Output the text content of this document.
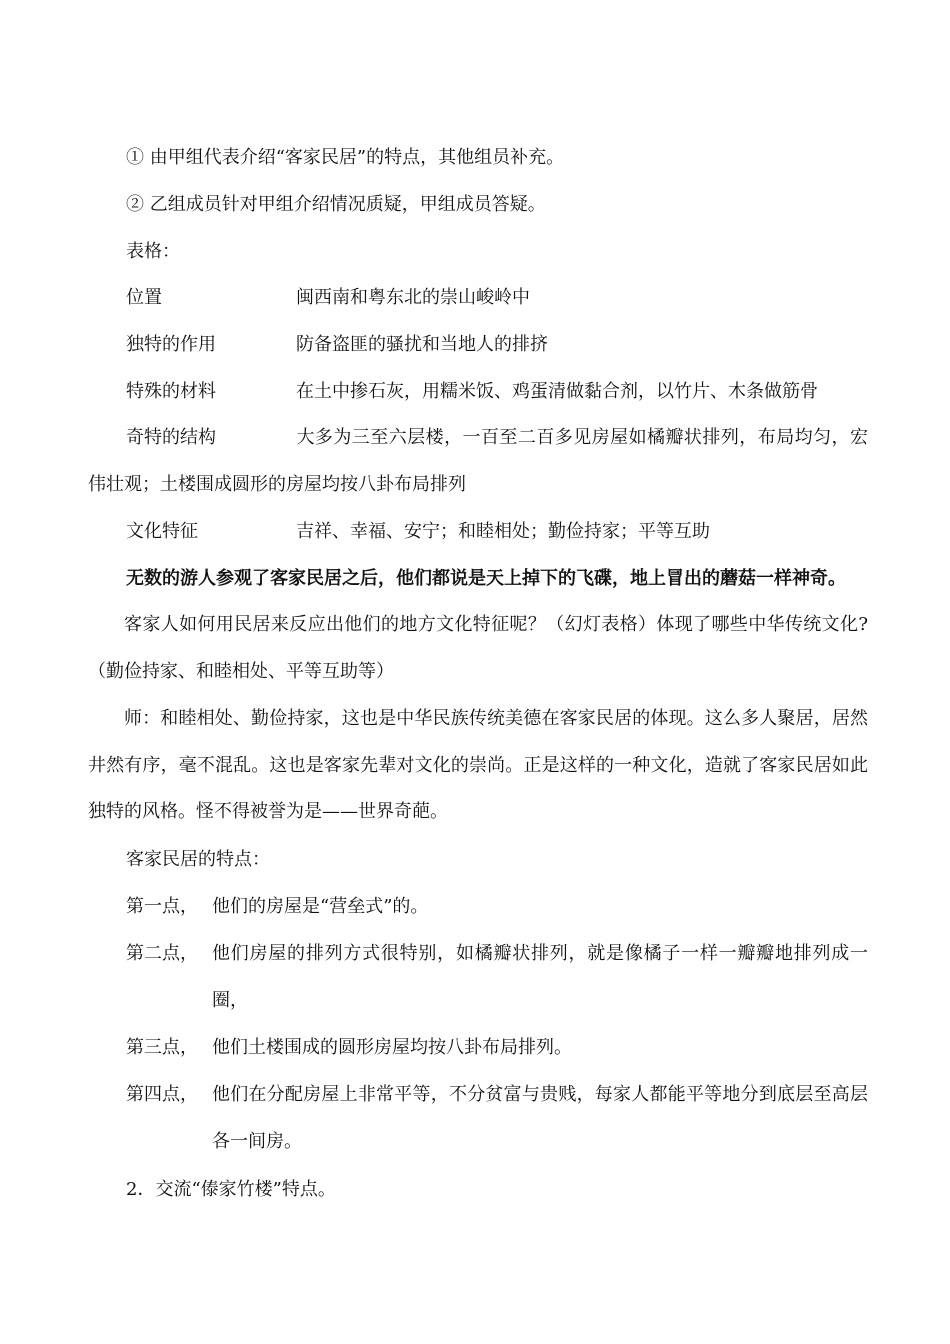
① 由甲组代表介绍“客家民居”的特点，其他组员补充。
② 乙组成员针对甲组介绍情况质疑，甲组成员答疑。
表格：
位置	闽西南和粤东北的崇山峻岭中
独特的作用	防备盗匪的骚扰和当地人的排挤
特殊的材料	在土中掺石灰，用糯米饭、鸡蛋清做黏合剂，以竹片、木条做筋骨

奇特的结构	大多为三至六层楼，一百至二百多见房屋如橘瓣状排列，布局均匀，宏伟壮观；土楼围成圆形的房屋均按八卦布局排列

文化特征	吉祥、幸福、安宁；和睦相处；勤俭持家；平等互助
无数的游人参观了客家民居之后，他们都说是天上掉下的飞碟，地上冒出的蘑菇一样神奇。

客家人如何用民居来反应出他们的地方文化特征呢？（幻灯表格）体现了哪些中华传统文化?（勤俭持家、和睦相处、平等互助等）

师：和睦相处、勤俭持家，这也是中华民族传统美德在客家民居的体现。这么多人聚居，居然井然有序，毫不混乱。这也是客家先辈对文化的崇尚。正是这样的一种文化，造就了客家民居如此独特的风格。怪不得被誉为是——世界奇葩。

客家民居的特点：
第一点， 他们的房屋是“营垒式”的。
第二点， 他们房屋的排列方式很特别，如橘瓣状排列，就是像橘子一样一瓣瓣地排列成一圈，
第三点， 他们土楼围成的圆形房屋均按八卦布局排列。
第四点， 他们在分配房屋上非常平等，不分贫富与贵贱，每家人都能平等地分到底层至高层各一间房。
2．交流“傣家竹楼”特点。
